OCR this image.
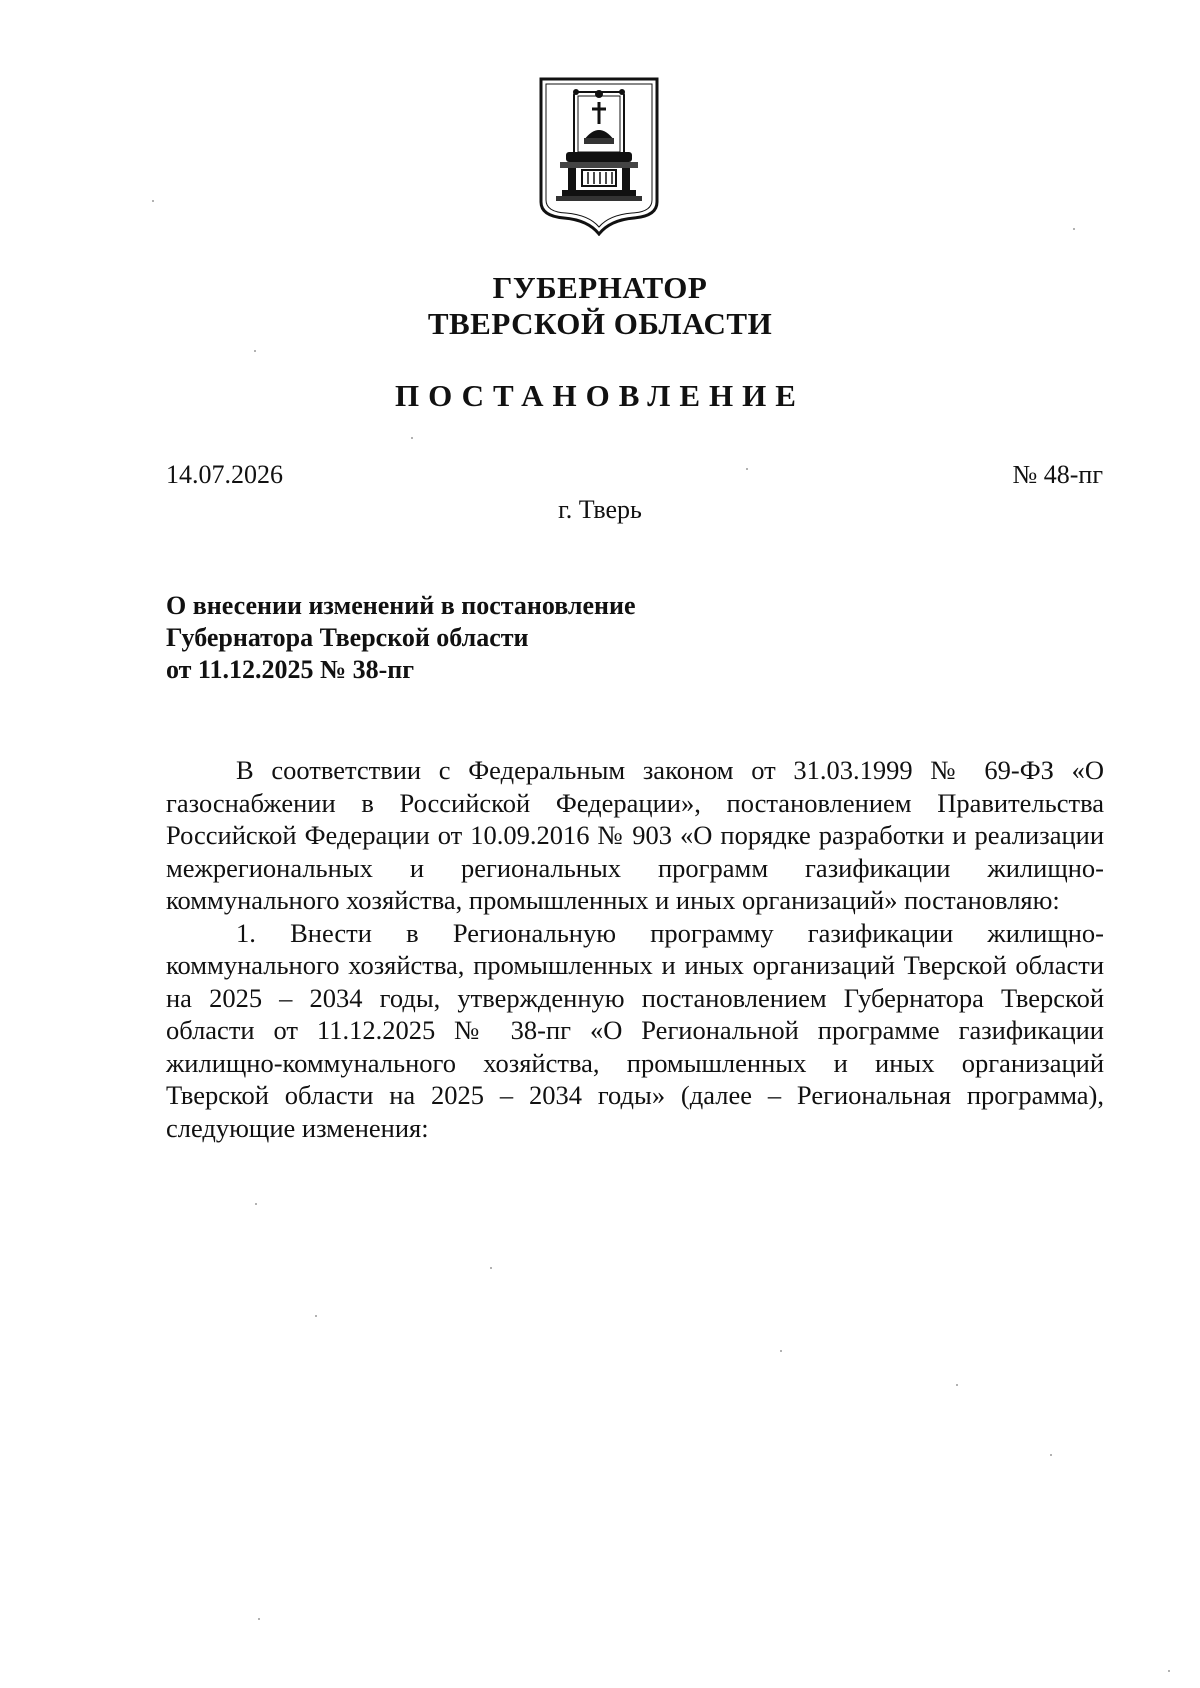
ГУБЕРНАТОР
ТВЕРСКОЙ ОБЛАСТИ
ПОСТАНОВЛЕНИЕ
14.07.2026	№ 48-пг
г. Тверь
О внесении изменений в постановление
Губернатора Тверской области
от 11.12.2025 № 38-пг

В соответствии с Федеральным законом от 31.03.1999 № 69-ФЗ «О газоснабжении в Российской Федерации», постановлением Правительства Российской Федерации от 10.09.2016 № 903 «О порядке разработки и реализации межрегиональных и региональных программ газификации жилищно-коммунального хозяйства, промышленных и иных организаций» постановляю:

1. Внести в Региональную программу газификации жилищно-коммунального хозяйства, промышленных и иных организаций Тверской области на 2025 – 2034 годы, утвержденную постановлением Губернатора Тверской области от 11.12.2025 № 38-пг «О Региональной программе газификации жилищно-коммунального хозяйства, промышленных и иных организаций Тверской области на 2025 – 2034 годы» (далее – Региональная программа), следующие изменения:
